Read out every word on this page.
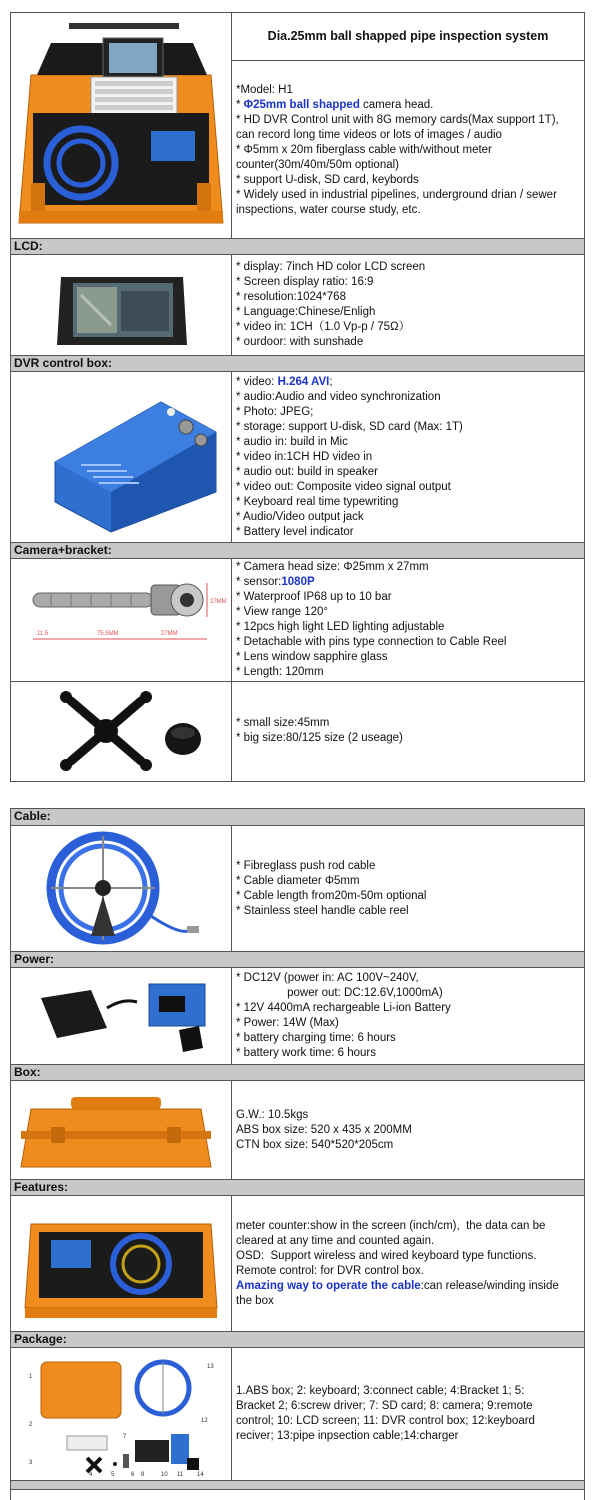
Dia.25mm ball shapped pipe inspection system
*Model: H1
* Φ25mm ball shapped camera head.
* HD DVR Control unit with 8G memory cards(Max support 1T),
can record long time videos or lots of images / audio
* Φ5mm x 20m fiberglass cable with/without meter
counter(30m/40m/50m optional)
* support U-disk, SD card, keybords
* Widely used in industrial pipelines, underground drian / sewer
inspections, water course study, etc.
LCD:
* display: 7inch HD color LCD screen
* Screen display ratio: 16:9
* resolution:1024*768
* Language:Chinese/Enligh
* video in: 1CH（1.0 Vp-p / 75Ω）
* ourdoor: with sunshade
DVR control box:
* video: H.264 AVI;
* audio:Audio and video synchronization
* Photo: JPEG;
* storage: support U-disk, SD card (Max: 1T)
* audio in: build in Mic
* video in:1CH HD video in
* audio out: build in speaker
* video out: Composite video signal output
* Keyboard real time typewriting
* Audio/Video output jack
* Battery level indicator
Camera+bracket:
27MM
11.5	75.5MM	27MM
* Camera head size: Φ25mm x 27mm
* sensor:1080P
* Waterproof IP68 up to 10 bar
* View range 120°
* 12pcs high light LED lighting adjustable
* Detachable with pins type connection to Cable Reel
* Lens window sapphire glass
* Length: 120mm
* small size:45mm
* big size:80/125 size (2 useage)
Cable:
* Fibreglass push rod cable
* Cable diameter Φ5mm
* Cable length from20m-50m optional
* Stainless steel handle cable reel
Power:
* DC12V (power in: AC 100V~240V,
power out: DC:12.6V,1000mA)
* 12V 4400mA rechargeable Li-ion Battery
* Power: 14W (Max)
* battery charging time: 6 hours
* battery work time: 6 hours
Box:
G.W.: 10.5kgs
ABS box size: 520 x 435 x 200MM
CTN box size: 540*520*205cm
Features:
meter counter:show in the screen (inch/cm),  the data can be
cleared at any time and counted again.
OSD:  Support wireless and wired keyboard type functions.
Remote control: for DVR control box.
Amazing way to operate the cable:can release/winding inside
the box
Package:
1
2
3
4	5	6
7
8	10 11
12
13
14
1.ABS box; 2: keyboard; 3:connect cable; 4:Bracket 1; 5:
Bracket 2; 6:screw driver; 7: SD card; 8: camera; 9:remote
control; 10: LCD screen; 11: DVR control box; 12:keyboard
reciver; 13:pipe inpsection cable;14:charger
